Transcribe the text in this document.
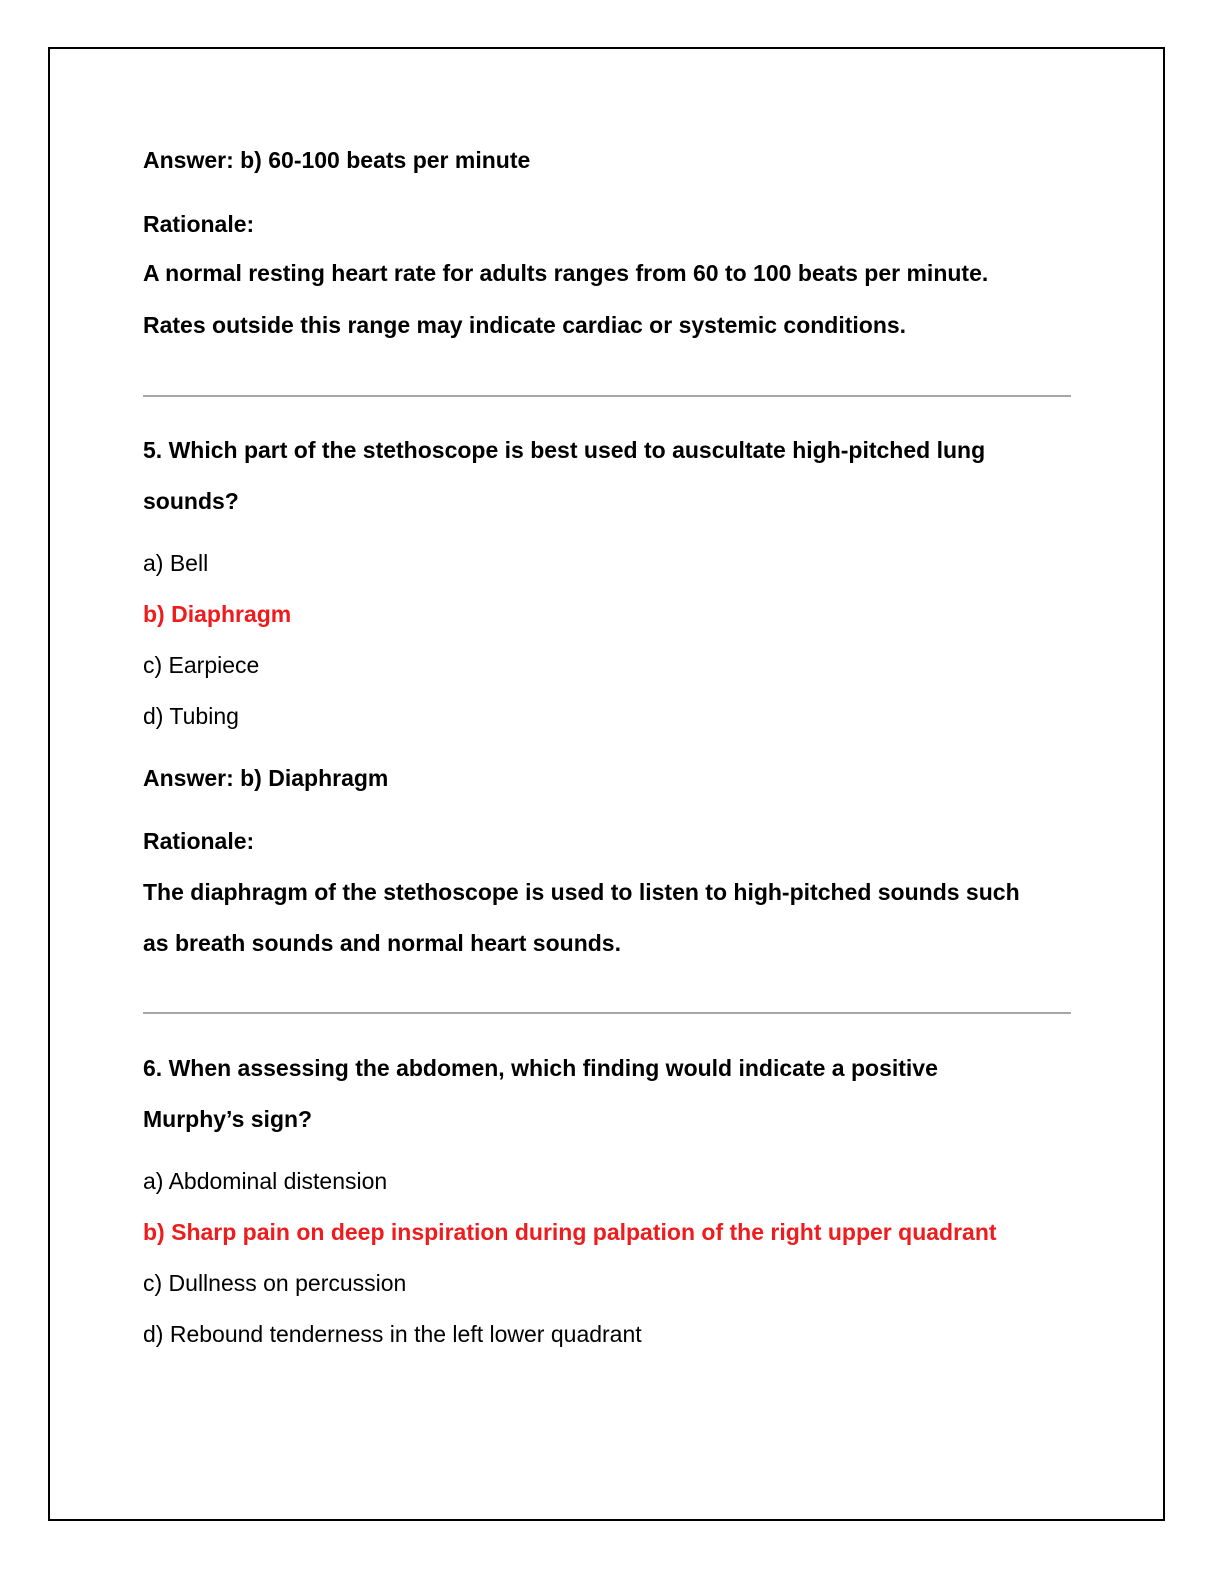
Answer: b) 60-100 beats per minute
Rationale:
A normal resting heart rate for adults ranges from 60 to 100 beats per minute.
Rates outside this range may indicate cardiac or systemic conditions.
5. Which part of the stethoscope is best used to auscultate high-pitched lung
sounds?
a) Bell
b) Diaphragm
c) Earpiece
d) Tubing
Answer: b) Diaphragm
Rationale:
The diaphragm of the stethoscope is used to listen to high-pitched sounds such
as breath sounds and normal heart sounds.
6. When assessing the abdomen, which finding would indicate a positive
Murphy’s sign?
a) Abdominal distension
b) Sharp pain on deep inspiration during palpation of the right upper quadrant
c) Dullness on percussion
d) Rebound tenderness in the left lower quadrant
